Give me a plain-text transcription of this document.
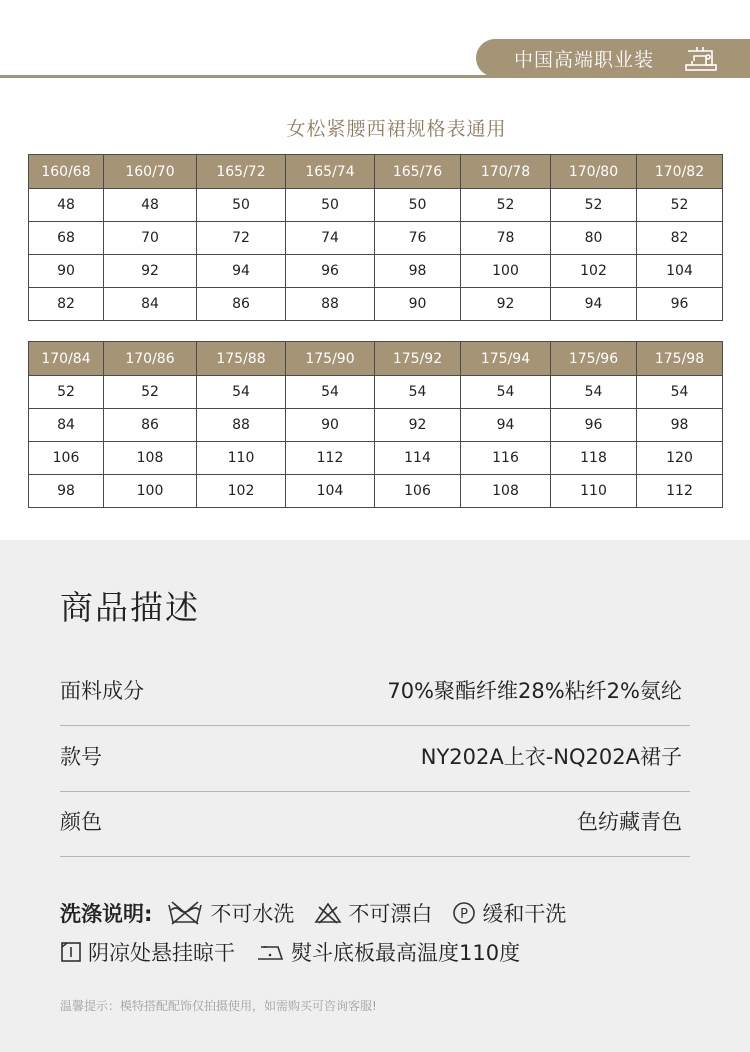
中国高端职业装
女松紧腰西裙规格表通用
160/68	160/70	165/72	165/74	165/76	170/78	170/80	170/82
48	48	50	50	50	52	52	52
68	70	72	74	76	78	80	82
90	92	94	96	98	100	102	104
82	84	86	88	90	92	94	96
170/84	170/86	175/88	175/90	175/92	175/94	175/96	175/98
52	52	54	54	54	54	54	54
84	86	88	90	92	94	96	98
106	108	110	112	114	116	118	120
98	100	102	104	106	108	110	112
商品描述
面料成分	70%聚酯纤维28%粘纤2%氨纶
款号	NY202A上衣-NQ202A裙子
颜色	色纺藏青色
洗涤说明:	不可水洗	不可漂白 P 缓和干洗
阴凉处悬挂晾干	熨斗底板最高温度110度
温馨提示：模特搭配配饰仅拍摄使用，如需购买可咨询客服!
